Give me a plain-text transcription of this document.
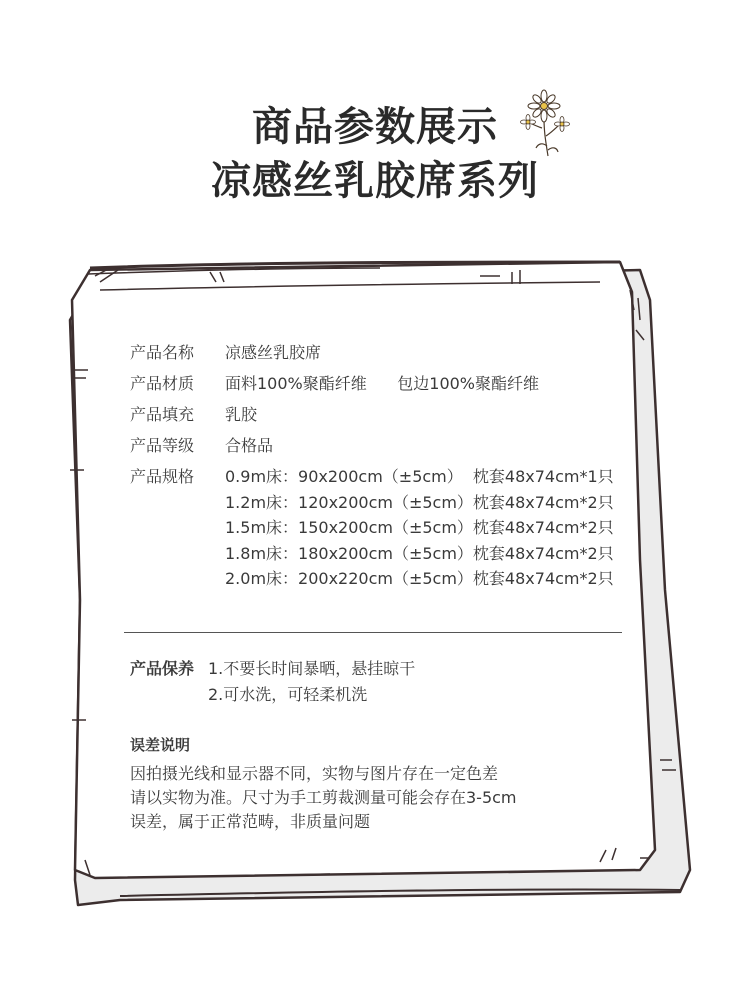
商品参数展示
凉感丝乳胶席系列
产品名称	凉感丝乳胶席
产品材质	面料100%聚酯纤维      包边100%聚酯纤维
产品填充	乳胶
产品等级	合格品
产品规格	0.9m床：90x200cm（±5cm）  枕套48x74cm*1只
1.2m床：120x200cm（±5cm）枕套48x74cm*2只
1.5m床：150x200cm（±5cm）枕套48x74cm*2只
1.8m床：180x200cm（±5cm）枕套48x74cm*2只
2.0m床：200x220cm（±5cm）枕套48x74cm*2只
产品保养 1.不要长时间暴晒，悬挂晾干
2.可水洗，可轻柔机洗
误差说明
因拍摄光线和显示器不同，实物与图片存在一定色差
请以实物为准。尺寸为手工剪裁测量可能会存在3-5cm
误差，属于正常范畴，非质量问题
